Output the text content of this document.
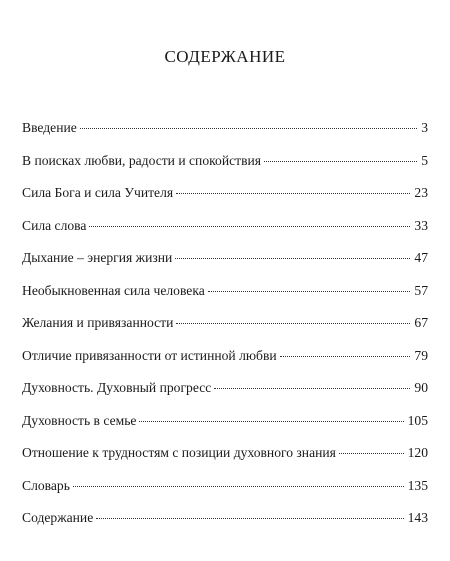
СОДЕРЖАНИЕ
Введение	3
В поисках любви, радости и спокойствия	5
Сила Бога и сила Учителя	23
Сила слова	33
Дыхание – энергия жизни	47
Необыкновенная сила человека	57
Желания и привязанности	67
Отличие привязанности от истинной любви	79
Духовность. Духовный прогресс	90
Духовность в семье	105
Отношение к трудностям с позиции духовного знания	120
Словарь	135
Содержание	143
